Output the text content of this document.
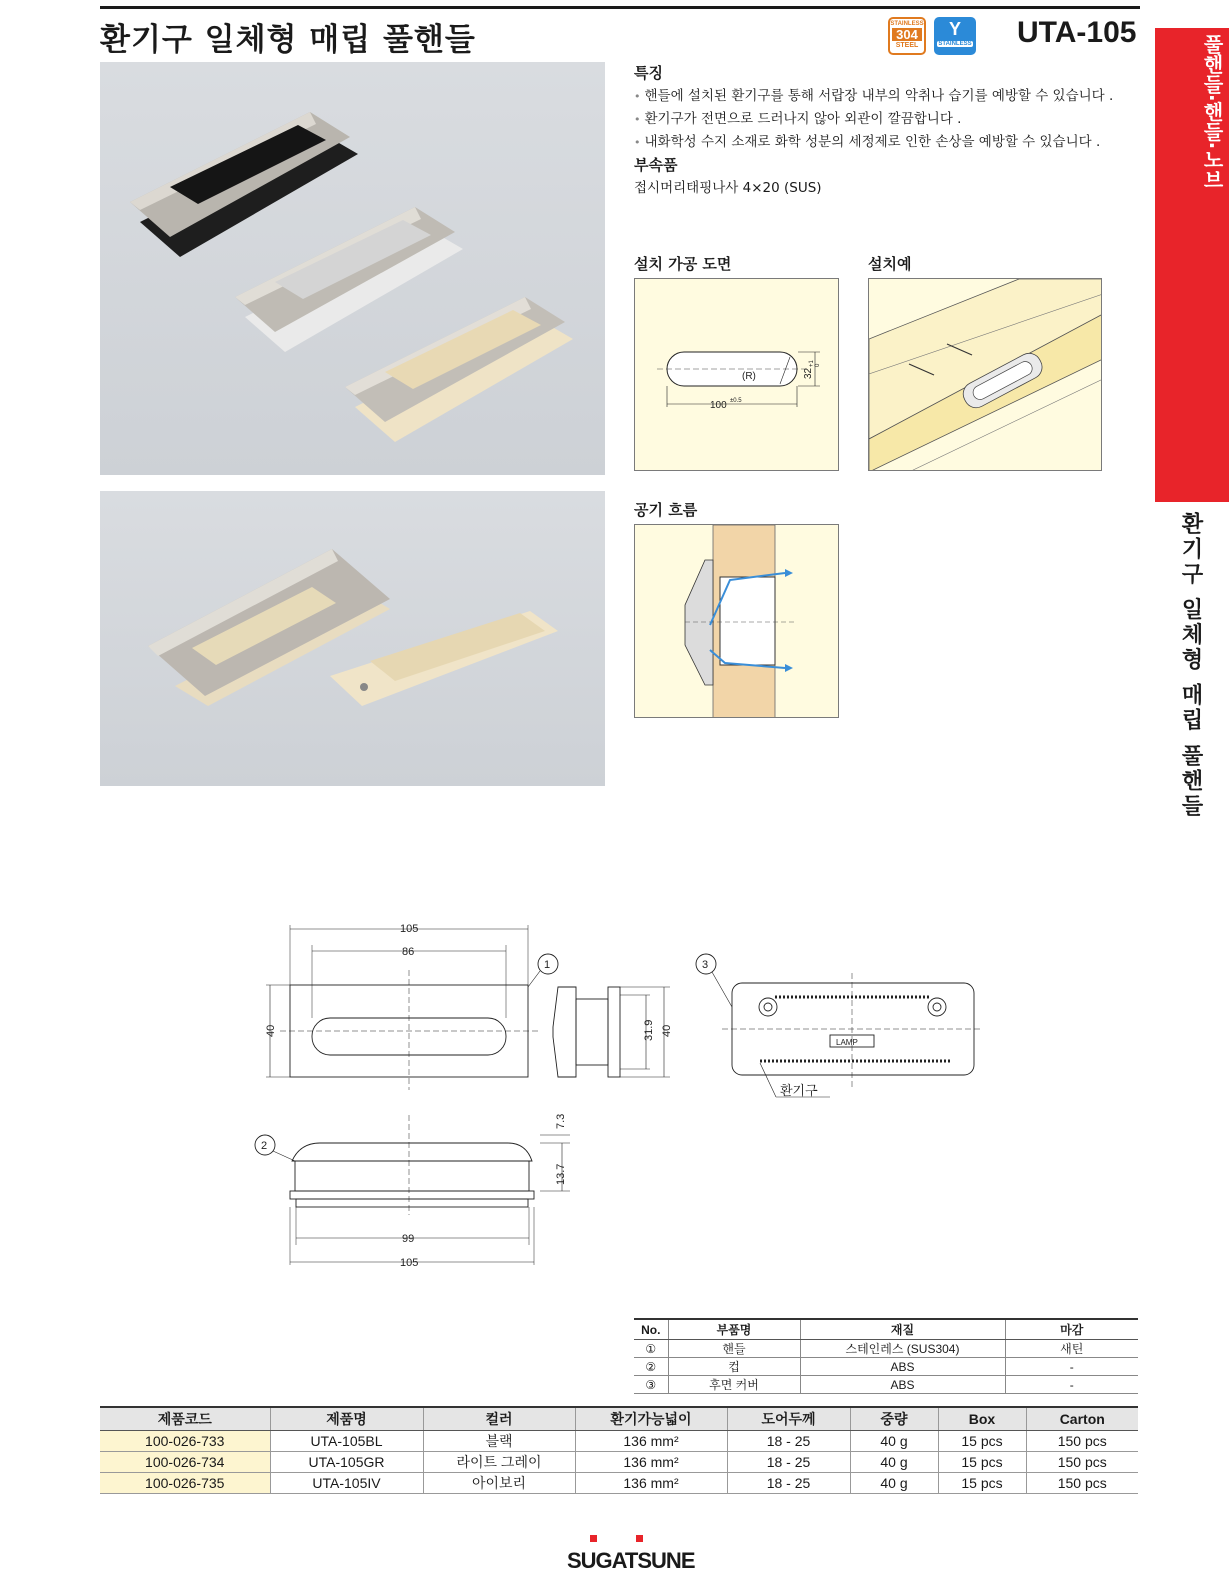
환기구 일체형 매립 풀핸들	STAINLESS
304
STEEL
Y
STAINLESS UTA-105
풀핸들·핸들·노브
환기구 일체형 매립 풀핸들
특징
• 핸들에 설치된 환기구를 통해 서랍장 내부의 악취나 습기를 예방할 수 있습니다 .
• 환기구가 전면으로 드러나지 않아 외관이 깔끔합니다 .
• 내화학성 수지 소재로 화학 성분의 세정제로 인한 손상을 예방할 수 있습니다 .
부속품
접시머리태핑나사 4×20 (SUS)
설치 가공 도면
(R)
100 ±0.5
32
+1 0
설치예
공기 흐름
105
86
40	31.9 40
1	3
2
LAMP
환기구
7.3
13.7
99
105
No.	부품명	재질	마감
①	핸들	스테인레스 (SUS304)	새틴
②	컵	ABS	-
③	후면 커버	ABS	-
제품코드	제품명	컬러	환기가능넓이	도어두께	중량	Box	Carton
100-026-733	UTA-105BL	블랙	136 mm²	18 - 25	40 g	15 pcs	150 pcs
100-026-734	UTA-105GR	라이트 그레이	136 mm²	18 - 25	40 g	15 pcs	150 pcs
100-026-735	UTA-105IV	아이보리	136 mm²	18 - 25	40 g	15 pcs	150 pcs
SUGATSUNE
